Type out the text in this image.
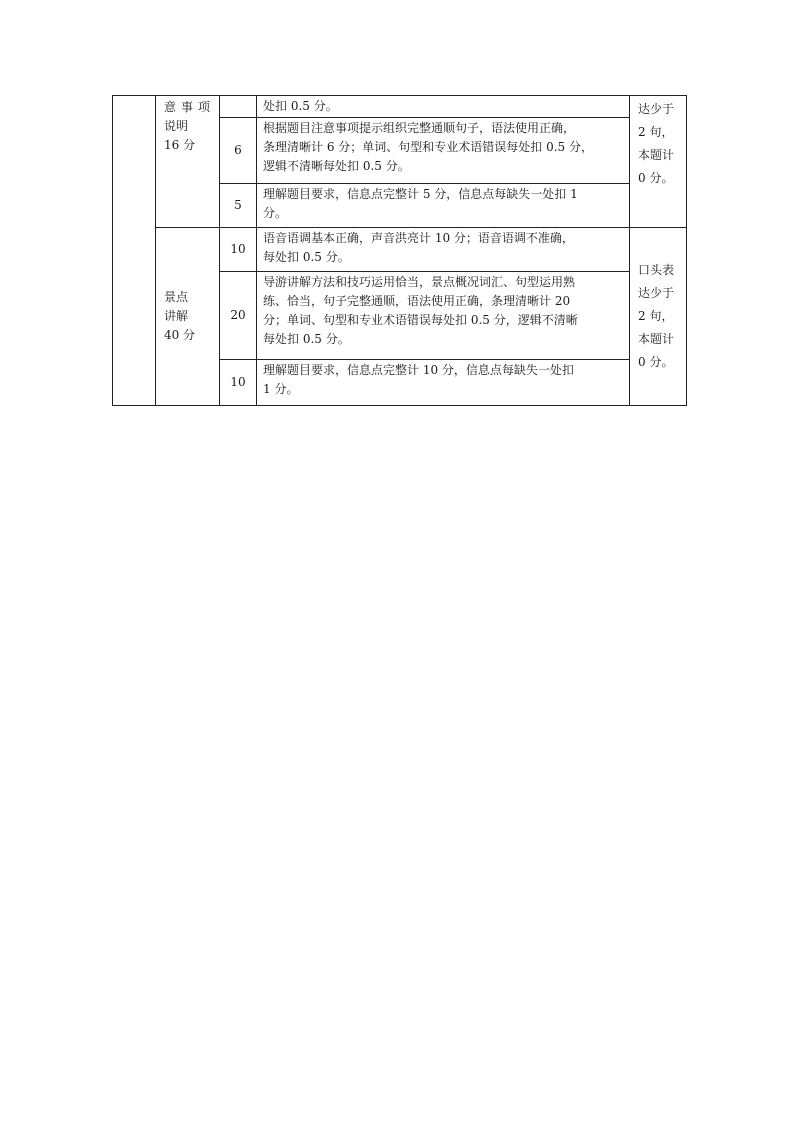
	意事项
说明
16 分		处扣 0.5 分。	达少于
2 句，
本题计
0 分。

		6	根据题目注意事项提示组织完整通顺句子，语法使用正确，
条理清晰计 6 分；单词、句型和专业术语错误每处扣 0.5 分，
逻辑不清晰每处扣 0.5 分。	

		5	理解题目要求，信息点完整计 5 分，信息点每缺失一处扣 1
分。	

	景点
讲解
40 分	10	语音语调基本正确，声音洪亮计 10 分；语音语调不准确，
每处扣 0.5 分。	口头表
达少于
2 句，
本题计
0 分。

		20	导游讲解方法和技巧运用恰当，景点概况词汇、句型运用熟
练、恰当，句子完整通顺，语法使用正确，条理清晰计 20
分；单词、句型和专业术语错误每处扣 0.5 分，逻辑不清晰
每处扣 0.5 分。	

		10	理解题目要求，信息点完整计 10 分，信息点每缺失一处扣
1 分。	
